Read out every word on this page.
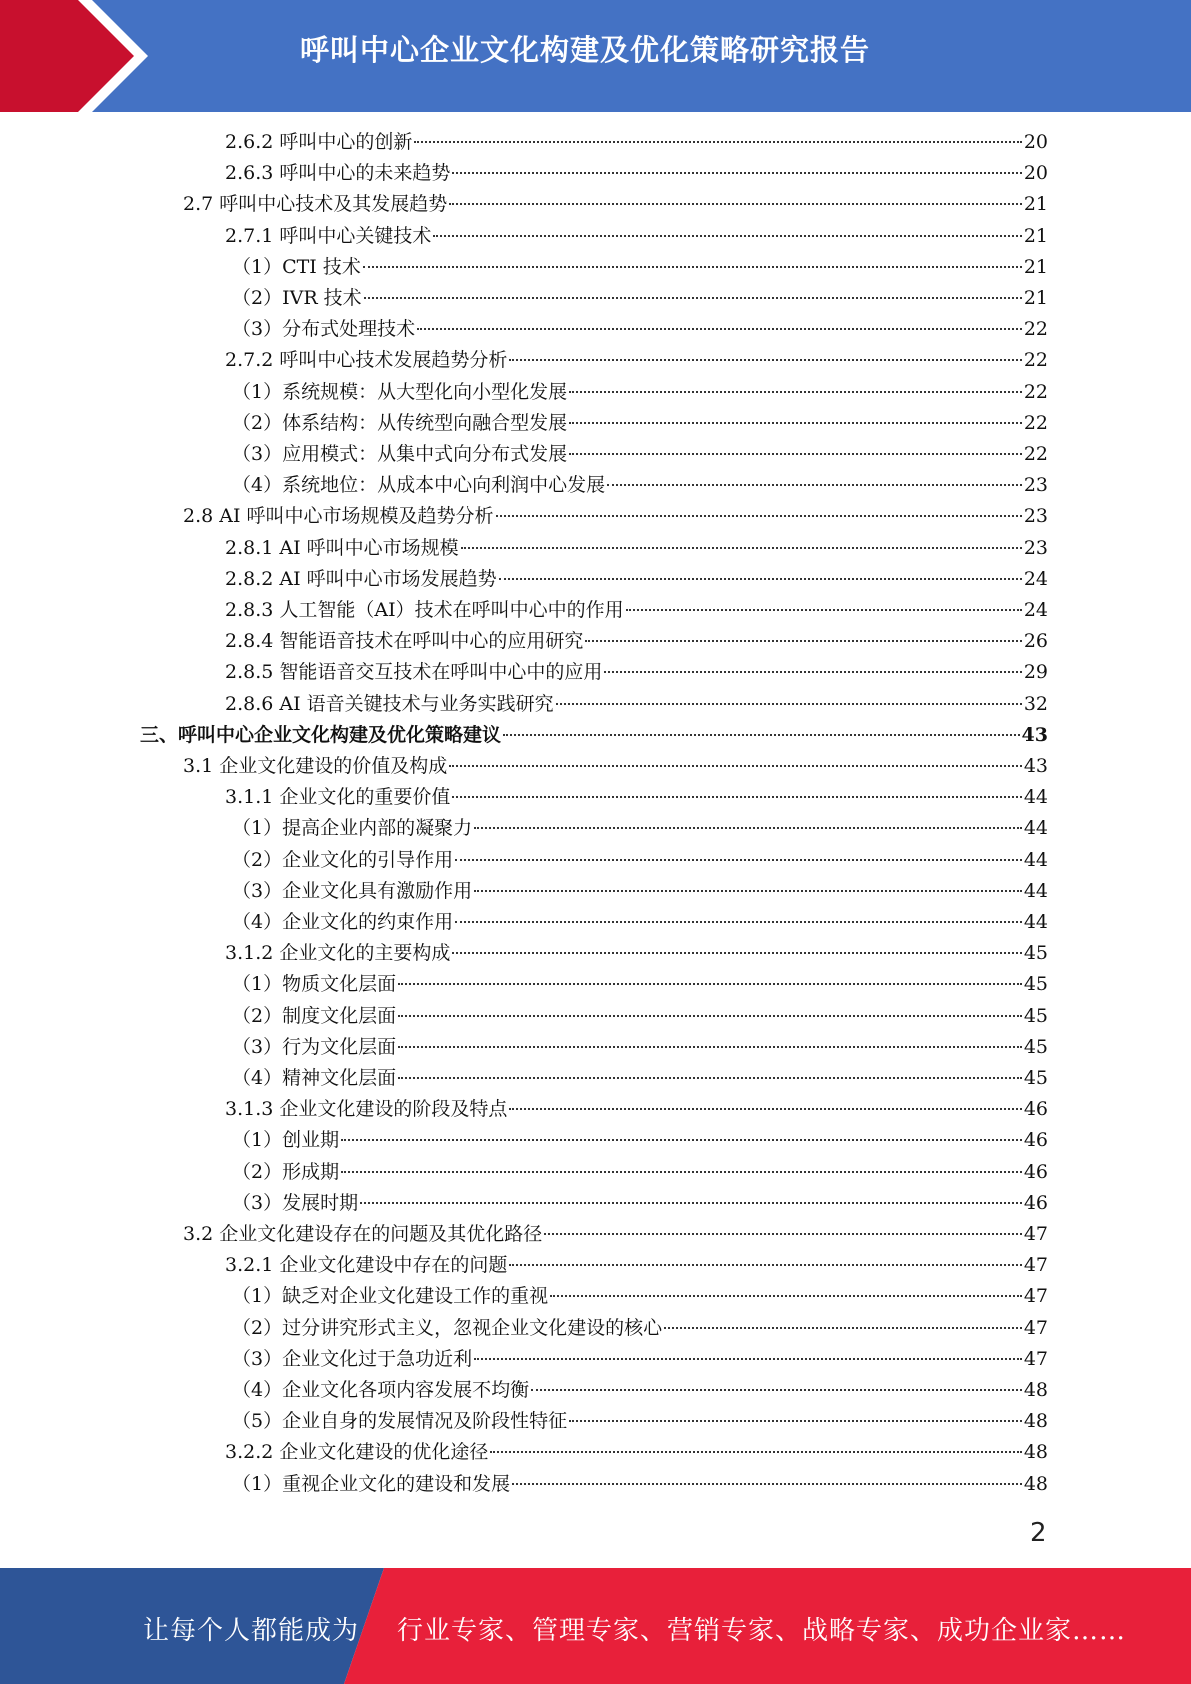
呼叫中心企业文化构建及优化策略研究报告
2.6.2 呼叫中心的创新	20
2.6.3 呼叫中心的未来趋势	20
2.7 呼叫中心技术及其发展趋势	21
2.7.1 呼叫中心关键技术	21
（1）CTI 技术	21
（2）IVR 技术	21
（3）分布式处理技术	22
2.7.2 呼叫中心技术发展趋势分析	22
（1）系统规模：从大型化向小型化发展	22
（2）体系结构：从传统型向融合型发展	22
（3）应用模式：从集中式向分布式发展	22
（4）系统地位：从成本中心向利润中心发展	23
2.8 AI 呼叫中心市场规模及趋势分析	23
2.8.1 AI 呼叫中心市场规模	23
2.8.2 AI 呼叫中心市场发展趋势	24
2.8.3 人工智能（AI）技术在呼叫中心中的作用	24
2.8.4 智能语音技术在呼叫中心的应用研究	26
2.8.5 智能语音交互技术在呼叫中心中的应用	29
2.8.6 AI 语音关键技术与业务实践研究	32
三、呼叫中心企业文化构建及优化策略建议	43
3.1 企业文化建设的价值及构成	43
3.1.1 企业文化的重要价值	44
（1）提高企业内部的凝聚力	44
（2）企业文化的引导作用	44
（3）企业文化具有激励作用	44
（4）企业文化的约束作用	44
3.1.2 企业文化的主要构成	45
（1）物质文化层面	45
（2）制度文化层面	45
（3）行为文化层面	45
（4）精神文化层面	45
3.1.3 企业文化建设的阶段及特点	46
（1）创业期	46
（2）形成期	46
（3）发展时期	46
3.2 企业文化建设存在的问题及其优化路径	47
3.2.1 企业文化建设中存在的问题	47
（1）缺乏对企业文化建设工作的重视	47
（2）过分讲究形式主义，忽视企业文化建设的核心	47
（3）企业文化过于急功近利	47
（4）企业文化各项内容发展不均衡	48
（5）企业自身的发展情况及阶段性特征	48
3.2.2 企业文化建设的优化途径	48
（1）重视企业文化的建设和发展	48
2
让每个人都能成为 行业专家、管理专家、营销专家、战略专家、成功企业家……
